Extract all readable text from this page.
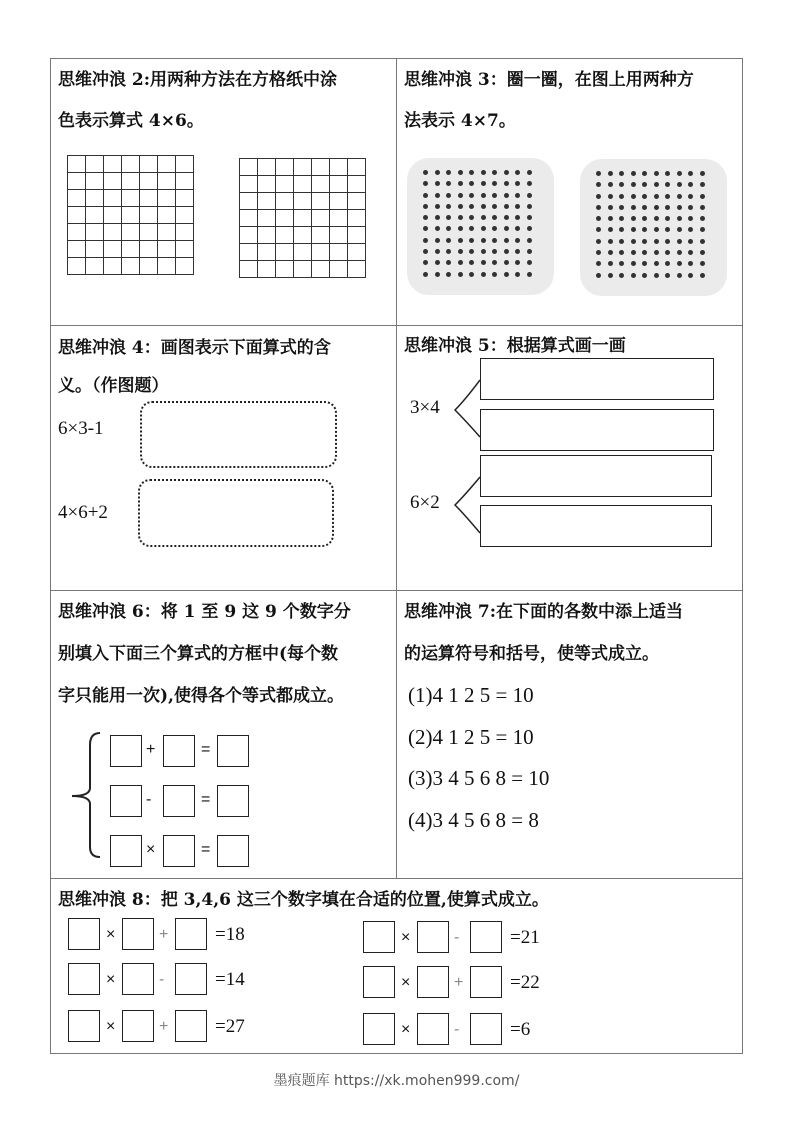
思维冲浪 2:用两种方法在方格纸中涂
色表示算式 4×6。

思维冲浪 3：圈一圈，在图上用两种方
法表示 4×7。
思维冲浪 4：画图表示下面算式的含
义。（作图题）
6×3-1
4×6+2
思维冲浪 5：根据算式画一画
3×4
6×2
思维冲浪 6：将 1 至 9 这 9 个数字分
别填入下面三个算式的方框中(每个数
字只能用一次),使得各个等式都成立。
+	=
-	=
×	=
思维冲浪 7:在下面的各数中添上适当
的运算符号和括号，使等式成立。
(1)4 1 2 5 = 10
(2)4 1 2 5 = 10
(3)3 4 5 6 8 = 10
(4)3 4 5 6 8 = 8
思维冲浪 8：把 3,4,6 这三个数字填在合适的位置,使算式成立。
×	+ =18
×	-	=14
×	+ =27
×	-	=21
×	+ =22
×	-	=6
墨痕题库 https://xk.mohen999.com/
